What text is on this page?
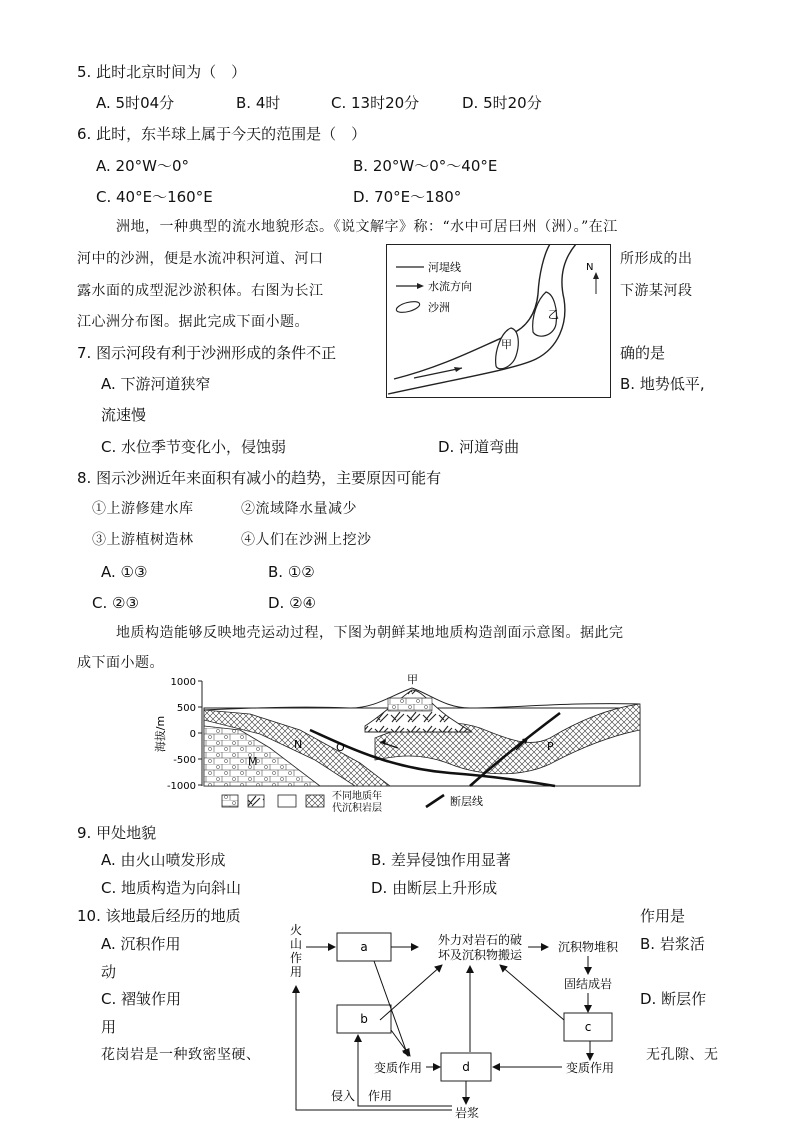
5. 此时北京时间为（　）
A. 5时04分	B. 4时	C. 13时20分	D. 5时20分
6. 此时，东半球上属于今天的范围是（　）
A. 20°W～0°	B. 20°W～0°～40°E
C. 40°E～160°E	D. 70°E～180°
洲地，一种典型的流水地貌形态。《说文解字》称：“水中可居曰州（洲）。”在江
河中的沙洲，便是水流冲积河道、河口	所形成的出
露水面的成型泥沙淤积体。右图为长江	下游某河段
江心洲分布图。据此完成下面小题。	乙
甲
河堤线
水流方向
沙洲
N
7. 图示河段有利于沙洲形成的条件不正	确的是
A. 下游河道狭窄	B. 地势低平,
流速慢
C. 水位季节变化小，侵蚀弱	D. 河道弯曲
8. 图示沙洲近年来面积有减小的趋势，主要原因可能有
①上游修建水库	②流域降水量减少
③上游植树造林	④人们在沙洲上挖沙
A. ①③	B. ①②
C. ②③	D. ②④
地质构造能够反映地壳运动过程，下图为朝鲜某地地质构造剖面示意图。据此完
成下面小题。
1000
500
0
-500
-1000
海拔/m
甲
M
N	O	P
不同地质年
代沉积岩层
断层线
9. 甲处地貌
A. 由火山喷发形成	B. 差异侵蚀作用显著
C. 地质构造为向斜山	D. 由断层上升形成
10. 该地最后经历的地质	作用是
A. 沉积作用	B. 岩浆活
动
C. 褶皱作用	D. 断层作
用
花岗岩是一种致密坚硬、	无孔隙、无
火
山
作
用
a
b
c
d
外力对岩石的破
坏及沉积物搬运
沉积物堆积
固结成岩
变质作用	变质作用
侵入 作用
岩浆
